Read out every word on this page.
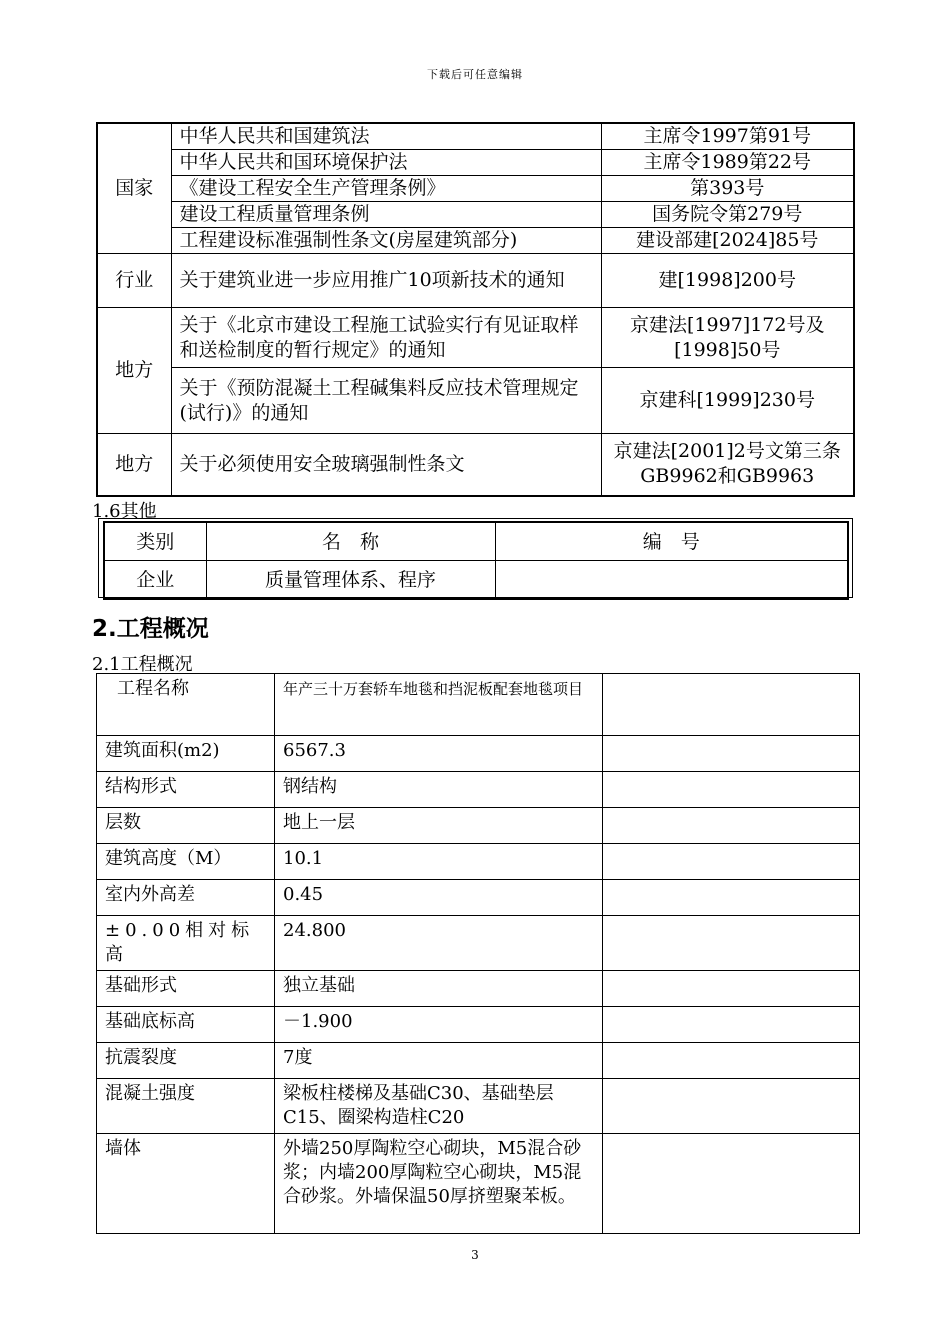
下载后可任意编辑
国家	中华人民共和国建筑法	主席令1997第91号
	中华人民共和国环境保护法	主席令1989第22号
	《建设工程安全生产管理条例》	第393号
	建设工程质量管理条例	国务院令第279号
	工程建设标准强制性条文(房屋建筑部分)	建设部建[2024]85号
行业	关于建筑业进一步应用推广10项新技术的通知	建[1998]200号
地方	关于《北京市建设工程施工试验实行有见证取样和送检制度的暂行规定》的通知	京建法[1997]172号及[1998]50号
	关于《预防混凝土工程碱集料反应技术管理规定(试行)》的通知	京建科[1999]230号
地方	关于必须使用安全玻璃强制性条文	京建法[2001]2号文第三条GB9962和GB9963
1.6其他
类别	名　称	编　号
企业	质量管理体系、程序	
2.工程概况
2.1工程概况
工程名称	年产三十万套轿车地毯和挡泥板配套地毯项目	
建筑面积(m2)	6567.3	
结构形式	钢结构	
层数	地上一层	
建筑高度（M）	10.1	
室内外高差	0.45	
±0.00相对标高	24.800	
基础形式	独立基础	
基础底标高	－1.900	
抗震裂度	7度	
混凝土强度	梁板柱楼梯及基础C30、基础垫层C15、圈梁构造柱C20	
墙体	外墙250厚陶粒空心砌块，M5混合砂浆；内墙200厚陶粒空心砌块，M5混合砂浆。外墙保温50厚挤塑聚苯板。	
3
